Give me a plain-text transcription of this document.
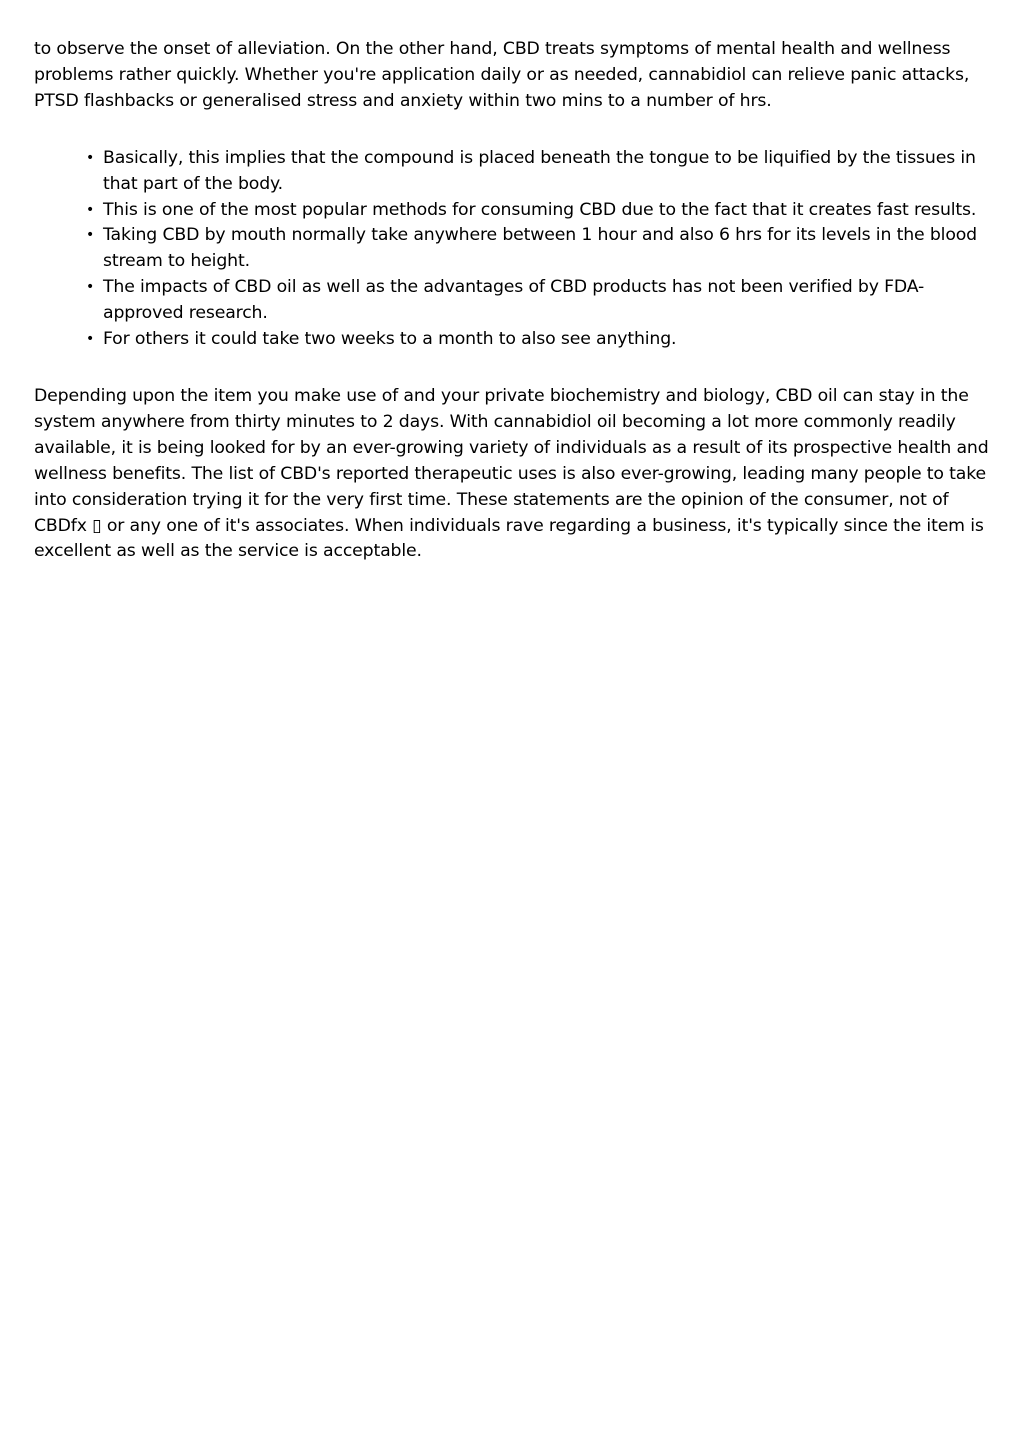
to observe the onset of alleviation. On the other hand, CBD treats symptoms of mental health and wellness problems rather quickly. Whether you're application daily or as needed, cannabidiol can relieve panic attacks, PTSD flashbacks or generalised stress and anxiety within two mins to a number of hrs.

• Basically, this implies that the compound is placed beneath the tongue to be liquified by the tissues in that part of the body.
• This is one of the most popular methods for consuming CBD due to the fact that it creates fast results.
• Taking CBD by mouth normally take anywhere between 1 hour and also 6 hrs for its levels in the blood stream to height.
• The impacts of CBD oil as well as the advantages of CBD products has not been verified by FDA-approved research.
• For others it could take two weeks to a month to also see anything.

Depending upon the item you make use of and your private biochemistry and biology, CBD oil can stay in the system anywhere from thirty minutes to 2 days. With cannabidiol oil becoming a lot more commonly readily available, it is being looked for by an ever-growing variety of individuals as a result of its prospective health and wellness benefits. The list of CBD's reported therapeutic uses is also ever-growing, leading many people to take into consideration trying it for the very first time. These statements are the opinion of the consumer, not of CBDfx ▯ or any one of it's associates. When individuals rave regarding a business, it's typically since the item is excellent as well as the service is acceptable.
